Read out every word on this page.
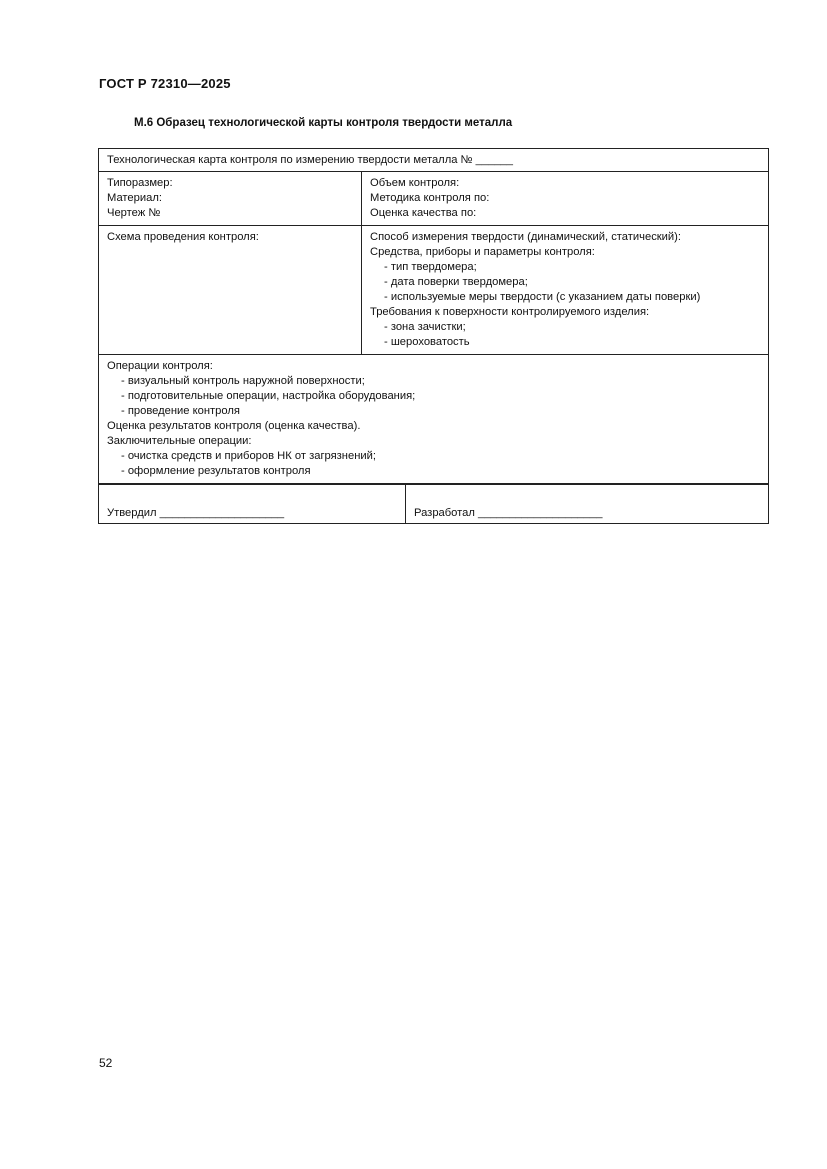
ГОСТ Р 72310—2025
М.6 Образец технологической карты контроля твердости металла
Технологическая карта контроля по измерению твердости металла № ______
Типоразмер:
Материал:
Чертеж №
Объем контроля:
Методика контроля по:
Оценка качества по:
Схема проведения контроля:	Способ измерения твердости (динамический, статический):
Средства, приборы и параметры контроля:
- тип твердомера;
- дата поверки твердомера;
- используемые меры твердости (с указанием даты поверки)
Требования к поверхности контролируемого изделия:
- зона зачистки;
- шероховатость
Операции контроля:
- визуальный контроль наружной поверхности;
- подготовительные операции, настройка оборудования;
- проведение контроля
Оценка результатов контроля (оценка качества).
Заключительные операции:
- очистка средств и приборов НК от загрязнений;
- оформление результатов контроля
Утвердил ____________________	Разработал ____________________
52
